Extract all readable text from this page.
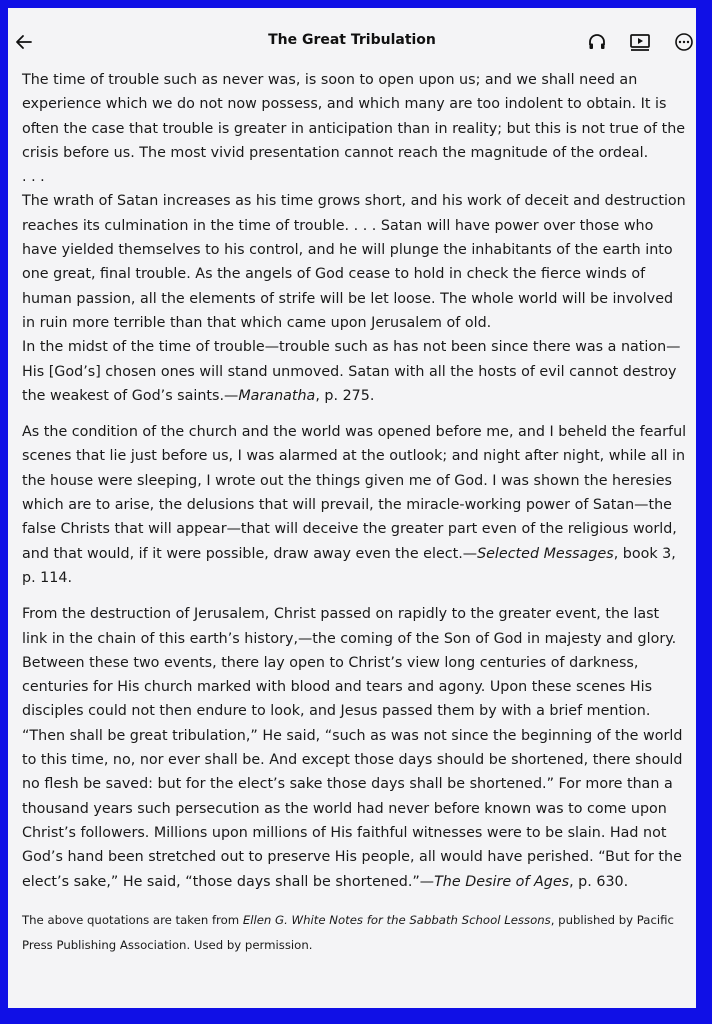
The Great Tribulation

The time of trouble such as never was, is soon to open upon us; and we shall need an experience which we do not now possess, and which many are too indolent to obtain. It is often the case that trouble is greater in anticipation than in reality; but this is not true of the crisis before us. The most vivid presentation cannot reach the magnitude of the ordeal.

. . .

The wrath of Satan increases as his time grows short, and his work of deceit and destruction reaches its culmination in the time of trouble. . . . Satan will have power over those who have yielded themselves to his control, and he will plunge the inhabitants of the earth into one great, final trouble. As the angels of God cease to hold in check the fierce winds of human passion, all the elements of strife will be let loose. The whole world will be involved in ruin more terrible than that which came upon Jerusalem of old.

In the midst of the time of trouble—trouble such as has not been since there was a nation—His [God’s] chosen ones will stand unmoved. Satan with all the hosts of evil cannot destroy the weakest of God’s saints.—Maranatha, p. 275.

As the condition of the church and the world was opened before me, and I beheld the fearful scenes that lie just before us, I was alarmed at the outlook; and night after night, while all in the house were sleeping, I wrote out the things given me of God. I was shown the heresies which are to arise, the delusions that will prevail, the miracle-working power of Satan—the false Christs that will appear—that will deceive the greater part even of the religious world, and that would, if it were possible, draw away even the elect.—Selected Messages, book 3, p. 114.

From the destruction of Jerusalem, Christ passed on rapidly to the greater event, the last link in the chain of this earth’s history,—the coming of the Son of God in majesty and glory. Between these two events, there lay open to Christ’s view long centuries of darkness, centuries for His church marked with blood and tears and agony. Upon these scenes His disciples could not then endure to look, and Jesus passed them by with a brief mention. “Then shall be great tribulation,” He said, “such as was not since the beginning of the world to this time, no, nor ever shall be. And except those days should be shortened, there should no flesh be saved: but for the elect’s sake those days shall be shortened.” For more than a thousand years such persecution as the world had never before known was to come upon Christ’s followers. Millions upon millions of His faithful witnesses were to be slain. Had not God’s hand been stretched out to preserve His people, all would have perished. “But for the elect’s sake,” He said, “those days shall be shortened.”—The Desire of Ages, p. 630.

The above quotations are taken from Ellen G. White Notes for the Sabbath School Lessons, published by Pacific Press Publishing Association. Used by permission.
